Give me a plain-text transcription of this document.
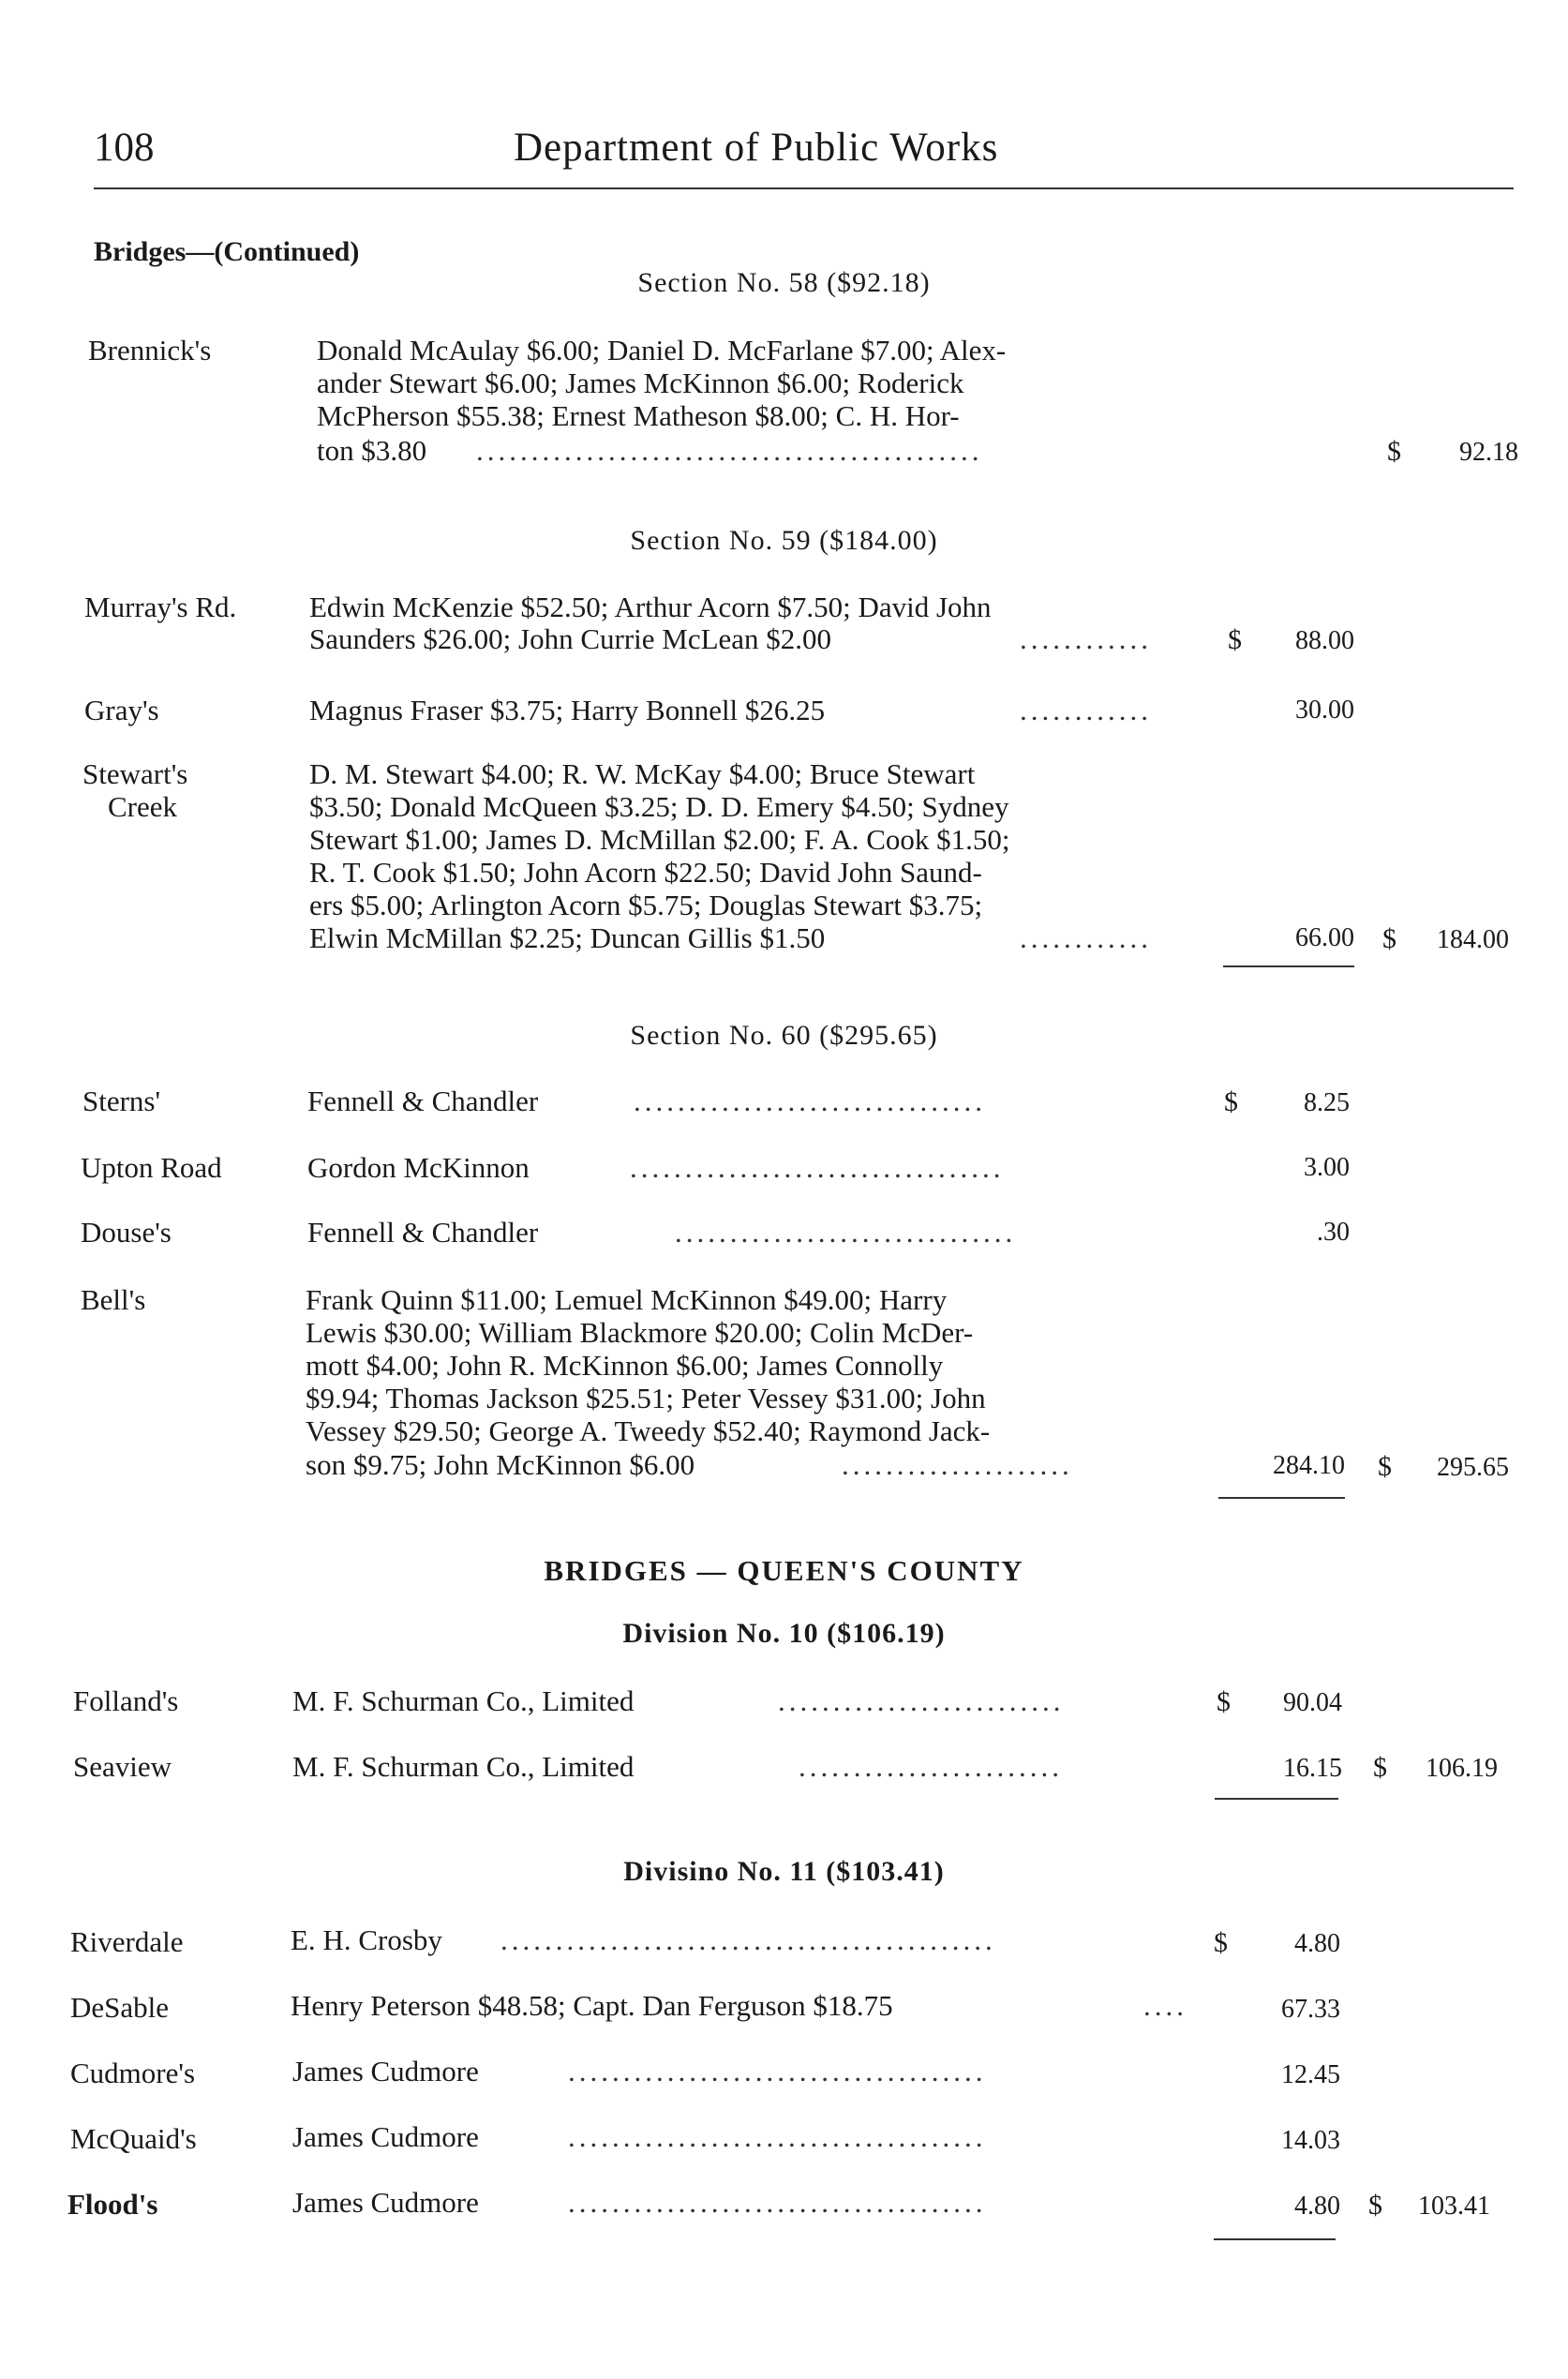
108	Department of Public Works
Bridges—(Continued)
Section No. 58 ($92.18)
Brennick's	Donald McAulay $6.00; Daniel D. McFarlane $7.00; Alex-
ander Stewart $6.00; James McKinnon $6.00; Roderick
McPherson $55.38; Ernest Matheson $8.00; C. H. Hor-
ton $3.80 ..............................................	$	92.18
Section No. 59 ($184.00)
Murray's Rd.	Edwin McKenzie $52.50; Arthur Acorn $7.50; David John
Saunders $26.00; John Currie McLean $2.00	............	$	88.00
Gray's	Magnus Fraser $3.75; Harry Bonnell $26.25	............	30.00
Stewart's
Creek
D. M. Stewart $4.00; R. W. McKay $4.00; Bruce Stewart
$3.50; Donald McQueen $3.25; D. D. Emery $4.50; Sydney
Stewart $1.00; James D. McMillan $2.00; F. A. Cook $1.50;
R. T. Cook $1.50; John Acorn $22.50; David John Saund-
ers $5.00; Arlington Acorn $5.75; Douglas Stewart $3.75;
Elwin McMillan $2.25; Duncan Gillis $1.50	............	66.00 $	184.00
Section No. 60 ($295.65)
Sterns'	Fennell & Chandler	................................	$	8.25
Upton Road	Gordon McKinnon	..................................	3.00
Douse's	Fennell & Chandler	...............................	.30
Bell's	Frank Quinn $11.00; Lemuel McKinnon $49.00; Harry
Lewis $30.00; William Blackmore $20.00; Colin McDer-
mott $4.00; John R. McKinnon $6.00; James Connolly
$9.94; Thomas Jackson $25.51; Peter Vessey $31.00; John
Vessey $29.50; George A. Tweedy $52.40; Raymond Jack-
son $9.75; John McKinnon $6.00	.....................	284.10 $	295.65
BRIDGES — QUEEN'S COUNTY
Division No. 10 ($106.19)
Folland's	M. F. Schurman Co., Limited	..........................	$	90.04
Seaview	M. F. Schurman Co., Limited	........................	16.15 $	106.19
Divisino No. 11 ($103.41)
Riverdale	E. H. Crosby .............................................	$	4.80
DeSable	Henry Peterson $48.58; Capt. Dan Ferguson $18.75	....	67.33
Cudmore's	James Cudmore	......................................	12.45
McQuaid's	James Cudmore	......................................	14.03
Flood's	James Cudmore	......................................	4.80 $	103.41
